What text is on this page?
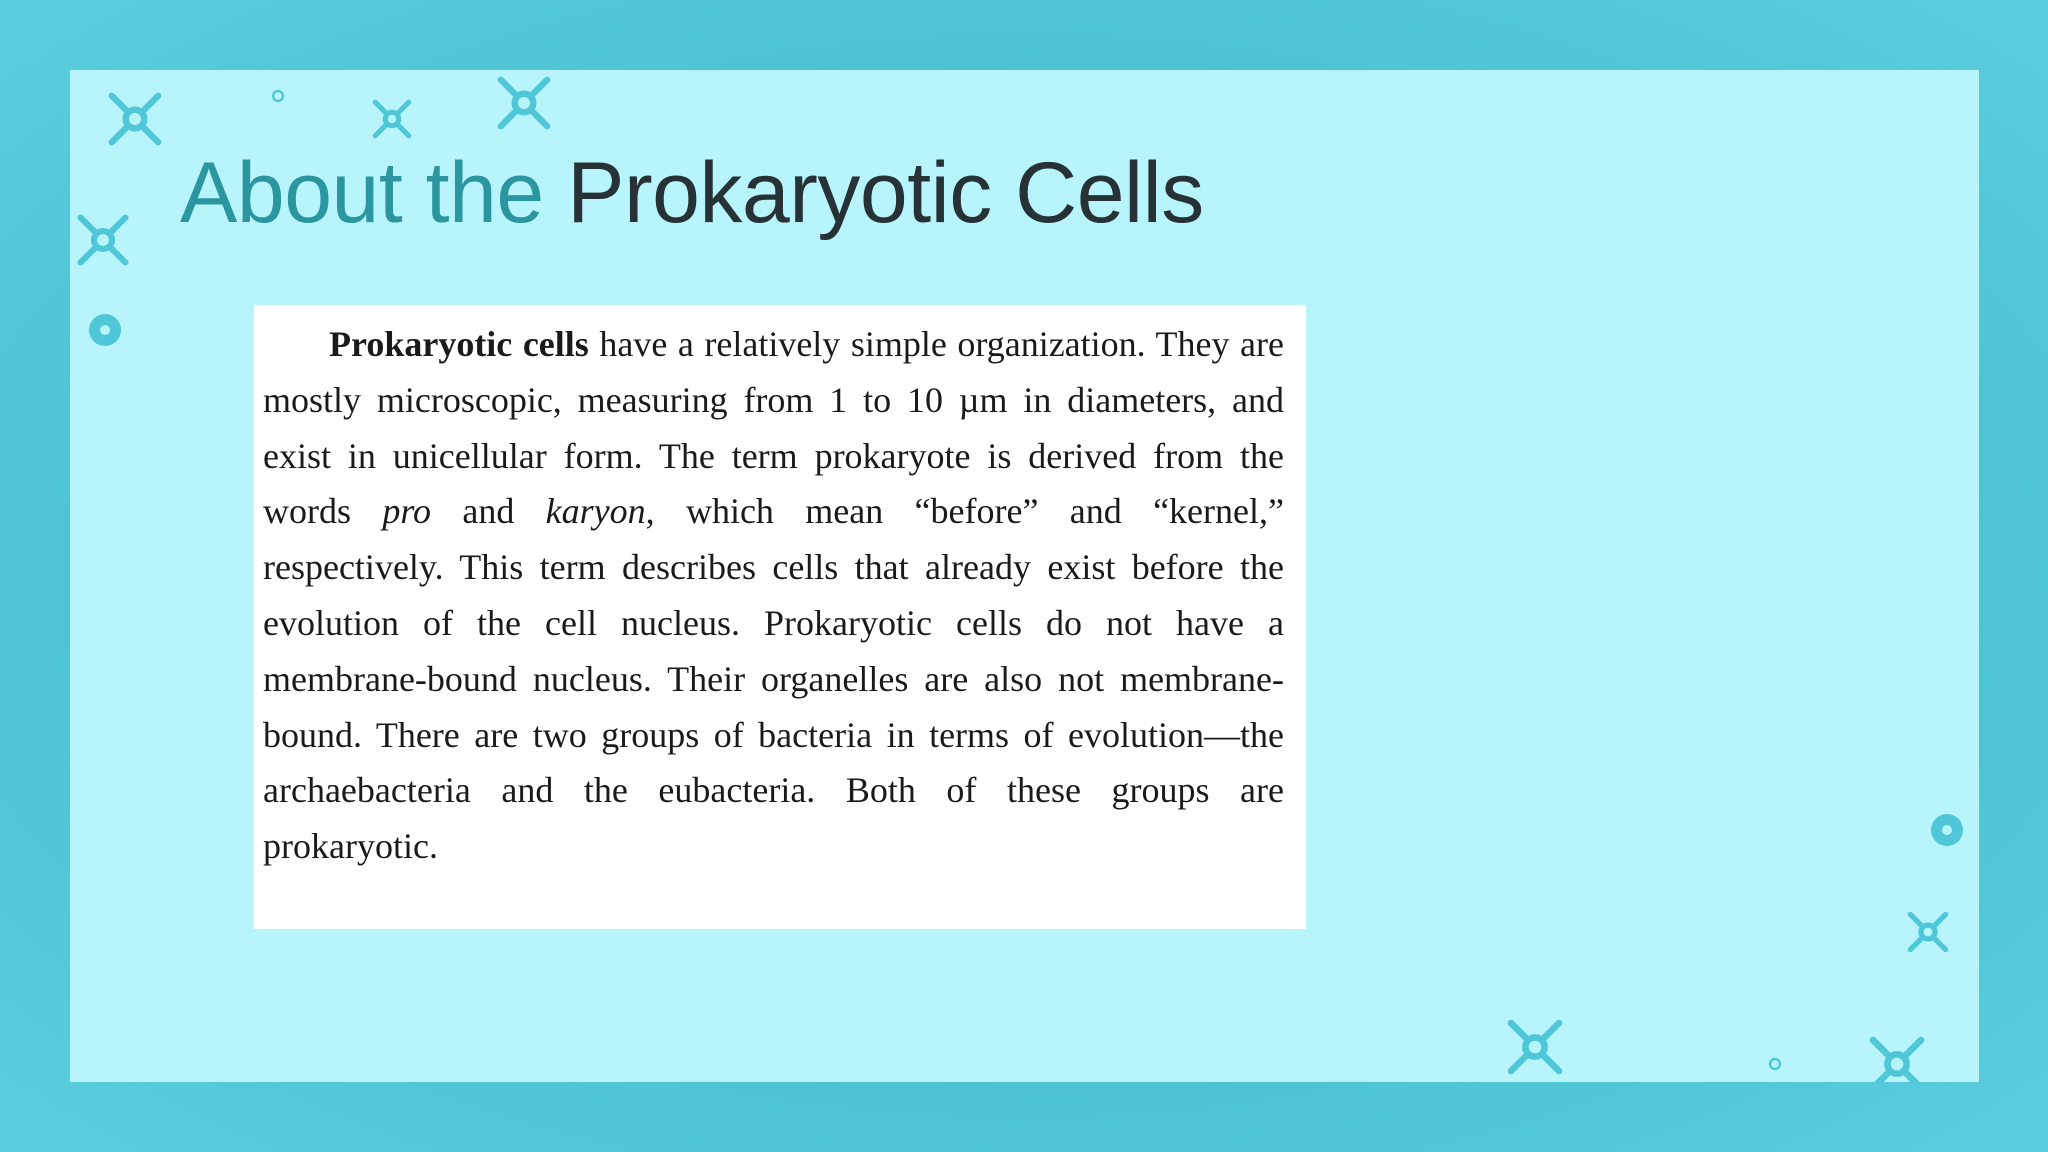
About the Prokaryotic Cells

Prokaryotic cells have a relatively simple organization. They are mostly microscopic, measuring from 1 to 10 µm in diameters, and exist in unicellular form. The term prokaryote is derived from the words pro and karyon, which mean “before” and “kernel,” respectively. This term describes cells that already exist before the evolution of the cell nucleus. Prokaryotic cells do not have a membrane-bound nucleus. Their organelles are also not membrane-bound. There are two groups of bacteria in terms of evolution—the archaebacteria and the eubacteria. Both of these groups are prokaryotic.
